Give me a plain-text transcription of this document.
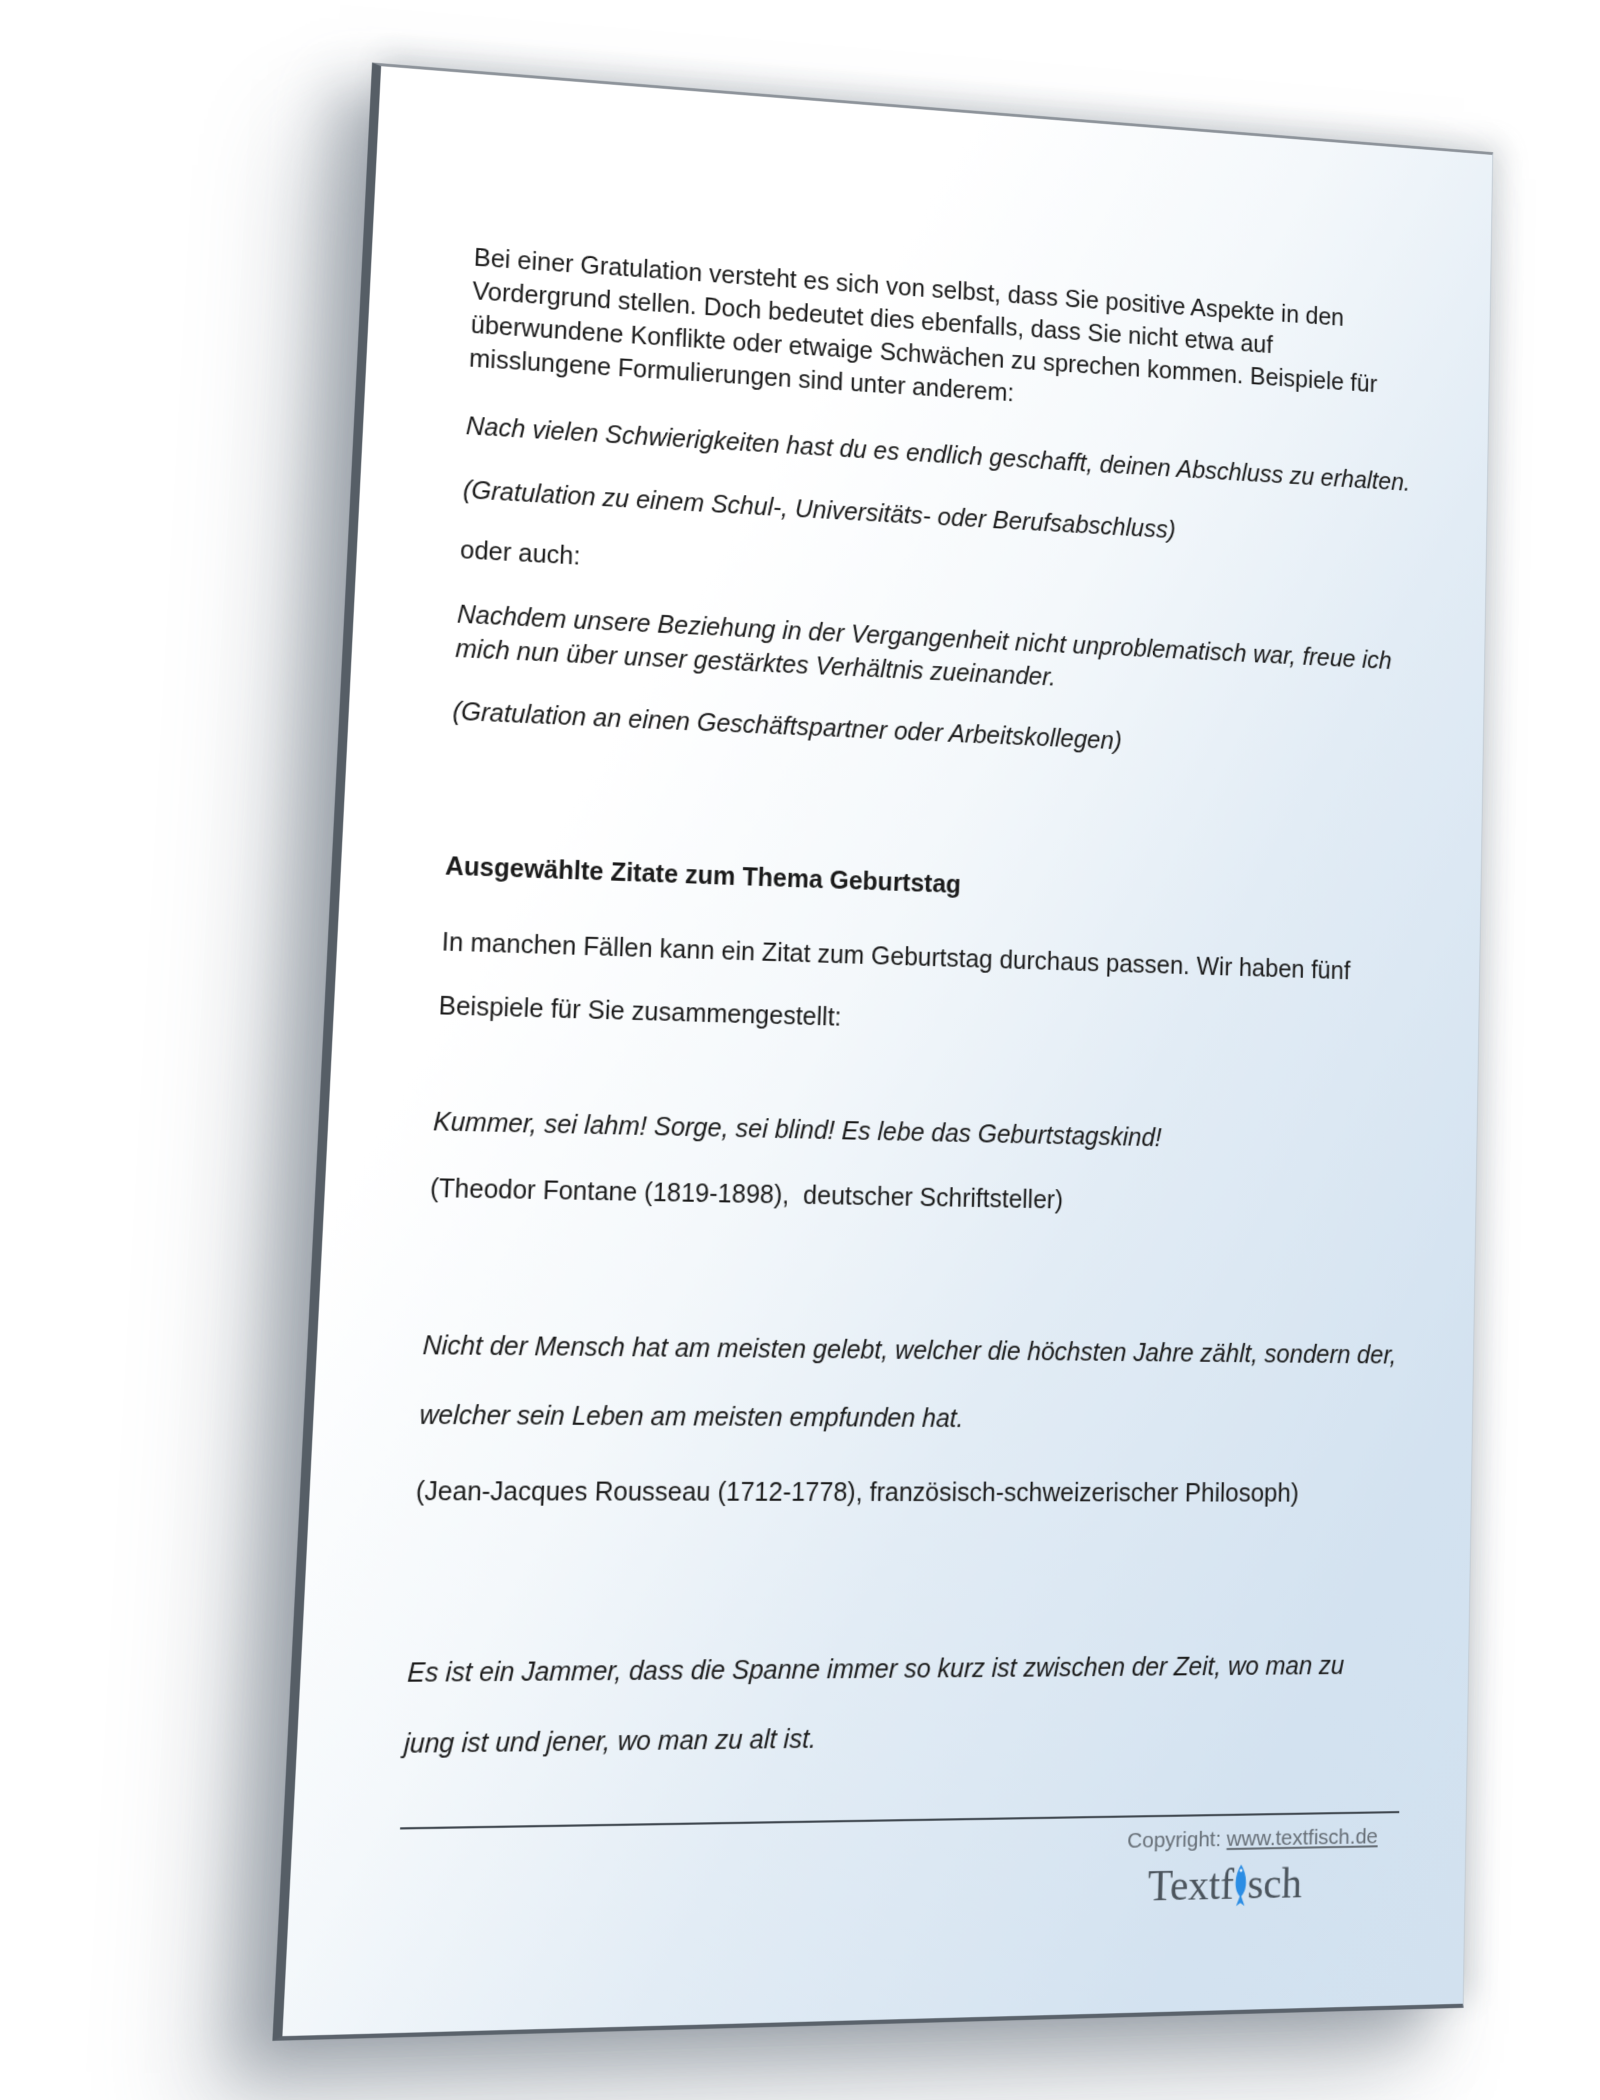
Bei einer Gratulation versteht es sich von selbst, dass Sie positive Aspekte in den
Vordergrund stellen. Doch bedeutet dies ebenfalls, dass Sie nicht etwa auf
überwundene Konflikte oder etwaige Schwächen zu sprechen kommen. Beispiele für
misslungene Formulierungen sind unter anderem:
Nach vielen Schwierigkeiten hast du es endlich geschafft, deinen Abschluss zu erhalten.
(Gratulation zu einem Schul-, Universitäts- oder Berufsabschluss)
oder auch:
Nachdem unsere Beziehung in der Vergangenheit nicht unproblematisch war, freue ich
mich nun über unser gestärktes Verhältnis zueinander.
(Gratulation an einen Geschäftspartner oder Arbeitskollegen)
Ausgewählte Zitate zum Thema Geburtstag
In manchen Fällen kann ein Zitat zum Geburtstag durchaus passen. Wir haben fünf
Beispiele für Sie zusammengestellt:
Kummer, sei lahm! Sorge, sei blind! Es lebe das Geburtstagskind!
(Theodor Fontane (1819-1898),  deutscher Schriftsteller)
Nicht der Mensch hat am meisten gelebt, welcher die höchsten Jahre zählt, sondern der,
welcher sein Leben am meisten empfunden hat.
(Jean-Jacques Rousseau (1712-1778), französisch-schweizerischer Philosoph)
Es ist ein Jammer, dass die Spanne immer so kurz ist zwischen der Zeit, wo man zu
jung ist und jener, wo man zu alt ist.
Copyright: www.textfisch.de
Textf sch
